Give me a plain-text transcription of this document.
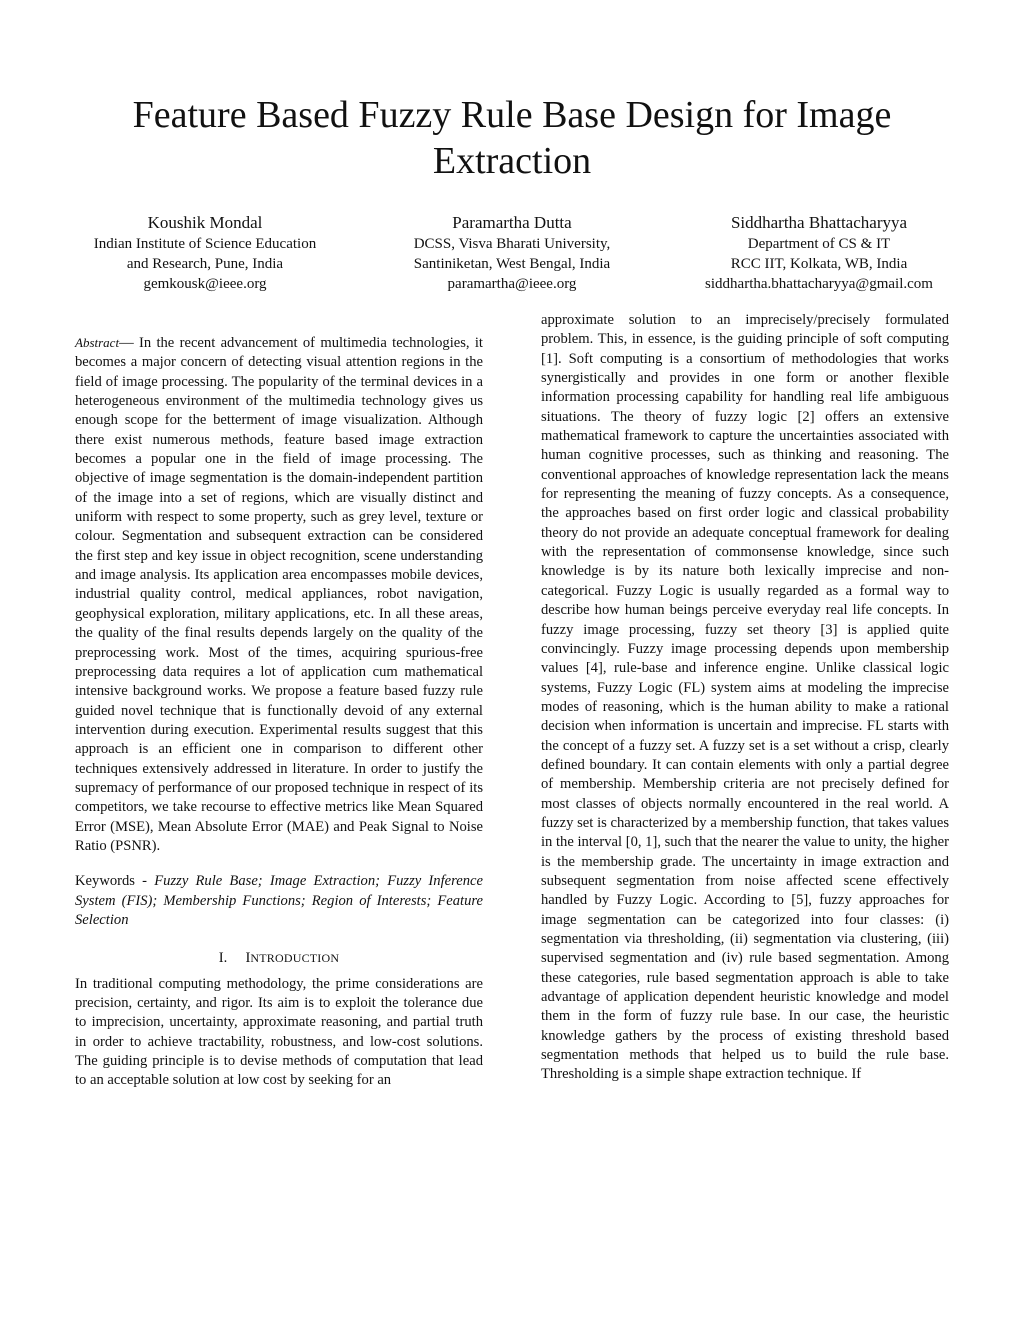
Feature Based Fuzzy Rule Base Design for Image Extraction
Koushik Mondal
Indian Institute of Science Education
and Research, Pune, India
gemkousk@ieee.org
Paramartha Dutta
DCSS, Visva Bharati University,
Santiniketan, West Bengal, India
paramartha@ieee.org
Siddhartha Bhattacharyya
Department of CS & IT
RCC IIT, Kolkata, WB, India
siddhartha.bhattacharyya@gmail.com

Abstract— In the recent advancement of multimedia technologies, it becomes a major concern of detecting visual attention regions in the field of image processing. The popularity of the terminal devices in a heterogeneous environment of the multimedia technology gives us enough scope for the betterment of image visualization. Although there exist numerous methods, feature based image extraction becomes a popular one in the field of image processing. The objective of image segmentation is the domain-independent partition of the image into a set of regions, which are visually distinct and uniform with respect to some property, such as grey level, texture or colour. Segmentation and subsequent extraction can be considered the first step and key issue in object recognition, scene understanding and image analysis. Its application area encompasses mobile devices, industrial quality control, medical appliances, robot navigation, geophysical exploration, military applications, etc. In all these areas, the quality of the final results depends largely on the quality of the preprocessing work. Most of the times, acquiring spurious-free preprocessing data requires a lot of application cum mathematical intensive background works. We propose a feature based fuzzy rule guided novel technique that is functionally devoid of any external intervention during execution. Experimental results suggest that this approach is an efficient one in comparison to different other techniques extensively addressed in literature. In order to justify the supremacy of performance of our proposed technique in respect of its competitors, we take recourse to effective metrics like Mean Squared Error (MSE), Mean Absolute Error (MAE) and Peak Signal to Noise Ratio (PSNR).

Keywords - Fuzzy Rule Base; Image Extraction; Fuzzy Inference System (FIS); Membership Functions; Region of Interests; Feature Selection

I. INTRODUCTION

In traditional computing methodology, the prime considerations are precision, certainty, and rigor. Its aim is to exploit the tolerance due to imprecision, uncertainty, approximate reasoning, and partial truth in order to achieve tractability, robustness, and low-cost solutions. The guiding principle is to devise methods of computation that lead to an acceptable solution at low cost by seeking for an

approximate solution to an imprecisely/precisely formulated problem. This, in essence, is the guiding principle of soft computing [1]. Soft computing is a consortium of methodologies that works synergistically and provides in one form or another flexible information processing capability for handling real life ambiguous situations. The theory of fuzzy logic [2] offers an extensive mathematical framework to capture the uncertainties associated with human cognitive processes, such as thinking and reasoning. The conventional approaches of knowledge representation lack the means for representing the meaning of fuzzy concepts. As a consequence, the approaches based on first order logic and classical probability theory do not provide an adequate conceptual framework for dealing with the representation of commonsense knowledge, since such knowledge is by its nature both lexically imprecise and non-categorical. Fuzzy Logic is usually regarded as a formal way to describe how human beings perceive everyday real life concepts. In fuzzy image processing, fuzzy set theory [3] is applied quite convincingly. Fuzzy image processing depends upon membership values [4], rule-base and inference engine. Unlike classical logic systems, Fuzzy Logic (FL) system aims at modeling the imprecise modes of reasoning, which is the human ability to make a rational decision when information is uncertain and imprecise. FL starts with the concept of a fuzzy set. A fuzzy set is a set without a crisp, clearly defined boundary. It can contain elements with only a partial degree of membership. Membership criteria are not precisely defined for most classes of objects normally encountered in the real world. A fuzzy set is characterized by a membership function, that takes values in the interval [0, 1], such that the nearer the value to unity, the higher is the membership grade. The uncertainty in image extraction and subsequent segmentation from noise affected scene effectively handled by Fuzzy Logic. According to [5], fuzzy approaches for image segmentation can be categorized into four classes: (i) segmentation via thresholding, (ii) segmentation via clustering, (iii) supervised segmentation and (iv) rule based segmentation. Among these categories, rule based segmentation approach is able to take advantage of application dependent heuristic knowledge and model them in the form of fuzzy rule base. In our case, the heuristic knowledge gathers by the process of existing threshold based segmentation methods that helped us to build the rule base. Thresholding is a simple shape extraction technique. If
